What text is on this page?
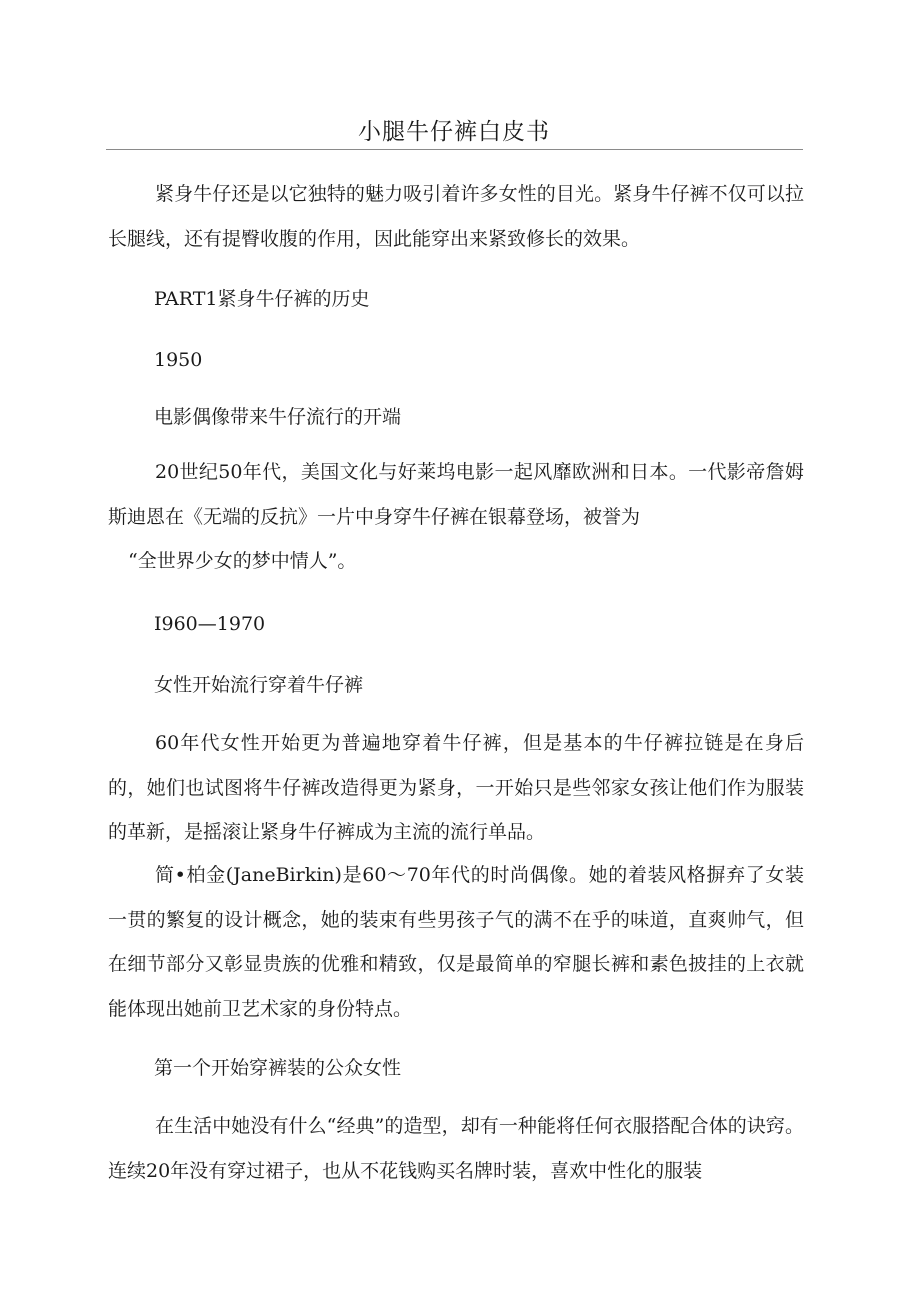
小腿牛仔裤白皮书

紧身牛仔还是以它独特的魅力吸引着许多女性的目光。紧身牛仔裤不仅可以拉长腿线，还有提臀收腹的作用，因此能穿出来紧致修长的效果。

PART1紧身牛仔裤的历史

1950

电影偶像带来牛仔流行的开端

20世纪50年代，美国文化与好莱坞电影一起风靡欧洲和日本。一代影帝詹姆斯迪恩在《无端的反抗》一片中身穿牛仔裤在银幕登场，被誉为

“全世界少女的梦中情人”。

I960—1970

女性开始流行穿着牛仔裤

60年代女性开始更为普遍地穿着牛仔裤，但是基本的牛仔裤拉链是在身后的，她们也试图将牛仔裤改造得更为紧身，一开始只是些邻家女孩让他们作为服装的革新，是摇滚让紧身牛仔裤成为主流的流行单品。

简•柏金(JaneBirkin)是60〜70年代的时尚偶像。她的着装风格摒弃了女装一贯的繁复的设计概念，她的装束有些男孩子气的满不在乎的味道，直爽帅气，但在细节部分又彰显贵族的优雅和精致，仅是最简单的窄腿长裤和素色披挂的上衣就能体现出她前卫艺术家的身份特点。

第一个开始穿裤装的公众女性

在生活中她没有什么“经典”的造型，却有一种能将任何衣服搭配合体的诀窍。连续20年没有穿过裙子，也从不花钱购买名牌时装，喜欢中性化的服装
